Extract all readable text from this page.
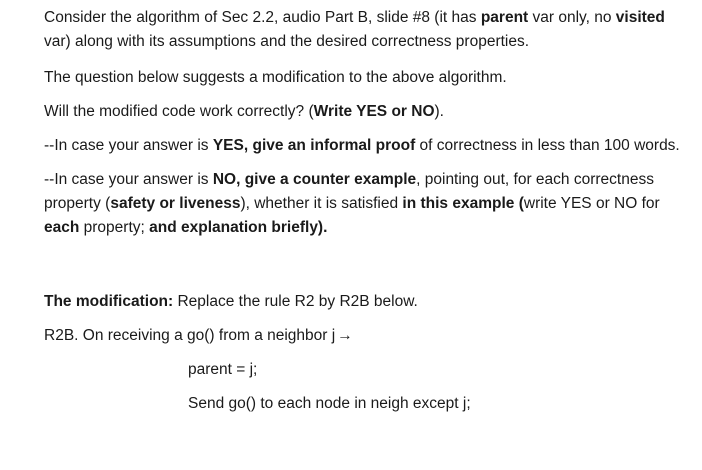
Consider the algorithm of Sec 2.2, audio Part B, slide #8 (it has parent var only, no visited var) along with its assumptions and the desired correctness properties.

The question below suggests a modification to the above algorithm.

Will the modified code work correctly? (Write YES or NO).

--In case your answer is YES, give an informal proof of correctness in less than 100 words.

--In case your answer is NO, give a counter example, pointing out, for each correctness property (safety or liveness), whether it is satisfied in this example (write YES or NO for each property; and explanation briefly).

The modification: Replace the rule R2 by R2B below.

R2B. On receiving a go() from a neighbor j →

parent = j;

Send go() to each node in neigh except j;
